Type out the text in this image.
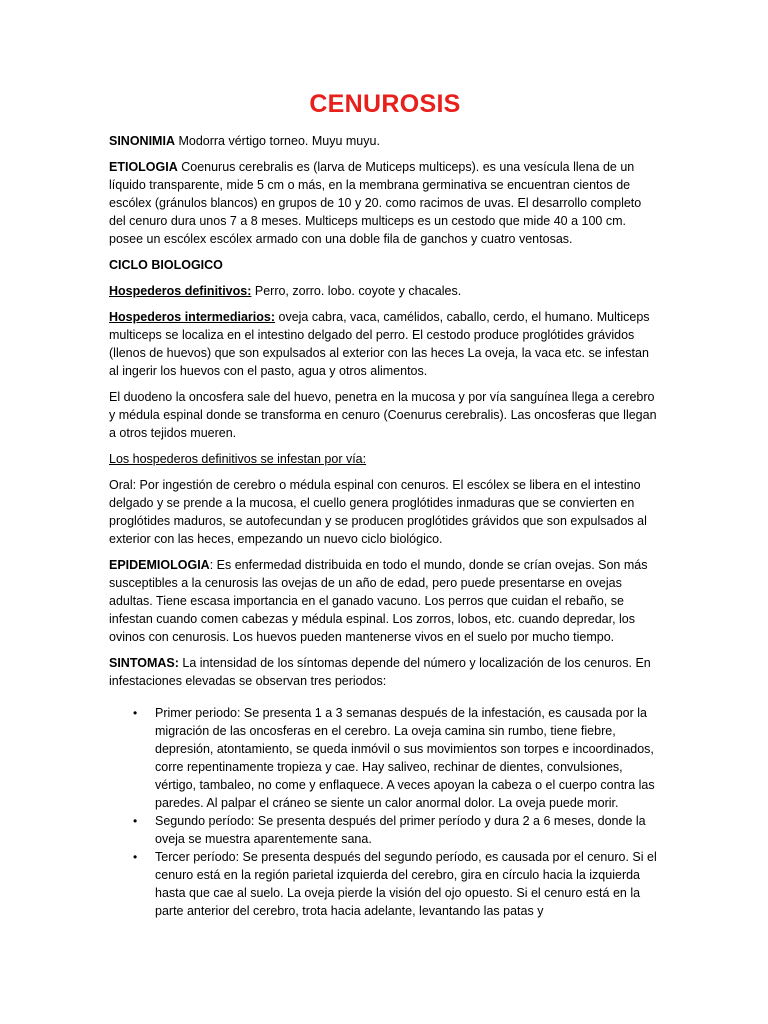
CENUROSIS

SINONIMIA Modorra vértigo torneo. Muyu muyu.

ETIOLOGIA Coenurus cerebralis es (larva de Muticeps multiceps). es una vesícula llena de un líquido transparente, mide 5 cm o más, en la membrana germinativa se encuentran cientos de escólex (gránulos blancos) en grupos de 10 y 20. como racimos de uvas. El desarrollo completo del cenuro dura unos 7 a 8 meses. Multiceps multiceps es un cestodo que mide 40 a 100 cm. posee un escólex escólex armado con una doble fila de ganchos y cuatro ventosas.

CICLO BIOLOGICO

Hospederos definitivos: Perro, zorro. lobo. coyote y chacales.

Hospederos intermediarios: oveja cabra, vaca, camélidos, caballo, cerdo, el humano. Multiceps multiceps se localiza en el intestino delgado del perro. El cestodo produce proglótides grávidos (llenos de huevos) que son expulsados al exterior con las heces La oveja, la vaca etc. se infestan al ingerir los huevos con el pasto, agua y otros alimentos.

El duodeno la oncosfera sale del huevo, penetra en la mucosa y por vía sanguínea llega a cerebro y médula espinal donde se transforma en cenuro (Coenurus cerebralis). Las oncosferas que llegan a otros tejidos mueren.

Los hospederos definitivos se infestan por vía:

Oral: Por ingestión de cerebro o médula espinal con cenuros. El escólex se libera en el intestino delgado y se prende a la mucosa, el cuello genera proglótides inmaduras que se convierten en proglótides maduros, se autofecundan y se producen proglótides grávidos que son expulsados al exterior con las heces, empezando un nuevo ciclo biológico.

EPIDEMIOLOGIA: Es enfermedad distribuida en todo el mundo, donde se crían ovejas. Son más susceptibles a la cenurosis las ovejas de un año de edad, pero puede presentarse en ovejas adultas. Tiene escasa importancia en el ganado vacuno. Los perros que cuidan el rebaño, se infestan cuando comen cabezas y médula espinal. Los zorros, lobos, etc. cuando depredar, los ovinos con cenurosis. Los huevos pueden mantenerse vivos en el suelo por mucho tiempo.

SINTOMAS: La intensidad de los síntomas depende del número y localización de los cenuros. En infestaciones elevadas se observan tres periodos:

• Primer periodo: Se presenta 1 a 3 semanas después de la infestación, es causada por la migración de las oncosferas en el cerebro. La oveja camina sin rumbo, tiene fiebre, depresión, atontamiento, se queda inmóvil o sus movimientos son torpes e incoordinados, corre repentinamente tropieza y cae. Hay saliveo, rechinar de dientes, convulsiones, vértigo, tambaleo, no come y enflaquece. A veces apoyan la cabeza o el cuerpo contra las paredes. Al palpar el cráneo se siente un calor anormal dolor. La oveja puede morir.
• Segundo período: Se presenta después del primer período y dura 2 a 6 meses, donde la oveja se muestra aparentemente sana.
• Tercer período: Se presenta después del segundo período, es causada por el cenuro. Si el cenuro está en la región parietal izquierda del cerebro, gira en círculo hacia la izquierda hasta que cae al suelo. La oveja pierde la visión del ojo opuesto. Si el cenuro está en la parte anterior del cerebro, trota hacia adelante, levantando las patas y
